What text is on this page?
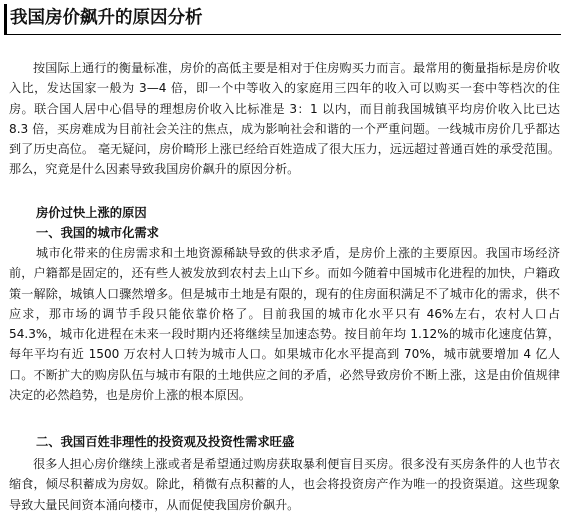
我国房价飙升的原因分析

按国际上通行的衡量标准，房价的高低主要是相对于住房购买力而言。最常用的衡量指标是房价收入比，发达国家一般为 3—4 倍，即一个中等收入的家庭用三四年的收入可以购买一套中等档次的住房。联合国人居中心倡导的理想房价收入比标准是 3：1 以内，而目前我国城镇平均房价收入比已达 8.3 倍，买房难成为目前社会关注的焦点，成为影响社会和谐的一个严重问题。一线城市房价几乎都达到了历史高位。 毫无疑问，房价畸形上涨已经给百姓造成了很大压力，远远超过普通百姓的承受范围。那么，究竟是什么因素导致我国房价飙升的原因分析。

房价过快上涨的原因
一、我国的城市化需求

城市化带来的住房需求和土地资源稀缺导致的供求矛盾，是房价上涨的主要原因。我国市场经济前，户籍都是固定的，还有些人被发放到农村去上山下乡。而如今随着中国城市化进程的加快，户籍政策一解除，城镇人口骤然增多。但是城市土地是有限的，现有的住房面积满足不了城市化的需求，供不应求，那市场的调节手段只能依靠价格了。目前我国的城市化水平只有 46%左右，农村人口占 54.3%，城市化进程在未来一段时期内还将继续呈加速态势。按目前年均 1.12%的城市化速度估算，每年平均有近 1500 万农村人口转为城市人口。如果城市化水平提高到 70%，城市就要增加 4 亿人口。不断扩大的购房队伍与城市有限的土地供应之间的矛盾，必然导致房价不断上涨，这是由价值规律决定的必然趋势，也是房价上涨的根本原因。

二、我国百姓非理性的投资观及投资性需求旺盛

很多人担心房价继续上涨或者是希望通过购房获取暴利便盲目买房。很多没有买房条件的人也节衣缩食，倾尽积蓄成为房奴。除此，稍微有点积蓄的人，也会将投资房产作为唯一的投资渠道。这些现象导致大量民间资本涌向楼市，从而促使我国房价飙升。
